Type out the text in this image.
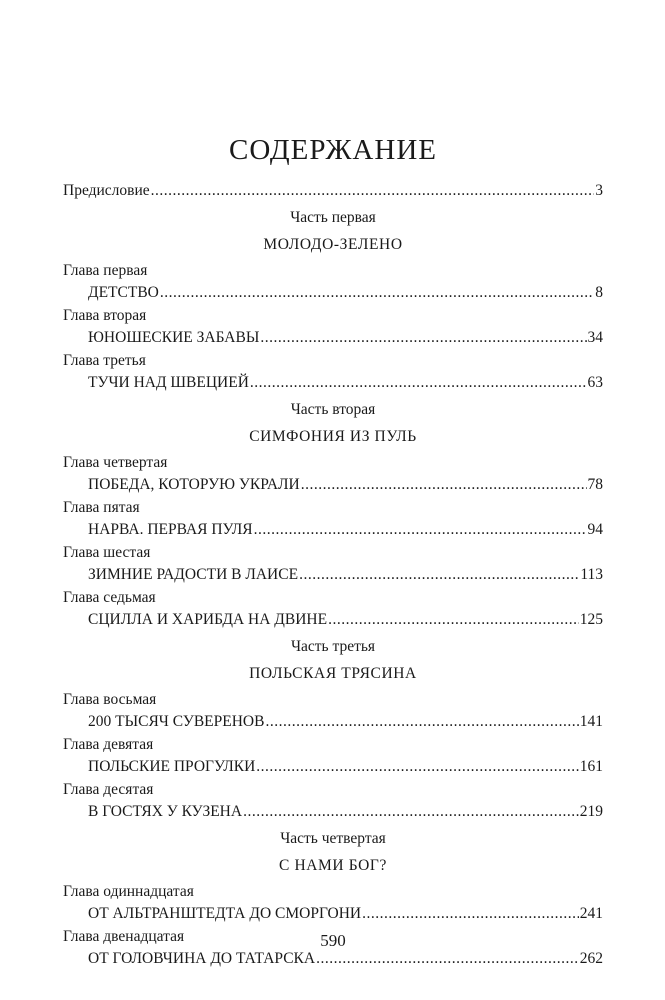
СОДЕРЖАНИЕ
Предисловие .....	3
Часть первая
МОЛОДО-ЗЕЛЕНО
Глава первая
ДЕТСТВО .....	8
Глава вторая
ЮНОШЕСКИЕ ЗАБАВЫ .....	34
Глава третья
ТУЧИ НАД ШВЕЦИЕЙ .....	63
Часть вторая
СИМФОНИЯ ИЗ ПУЛЬ
Глава четвертая
ПОБЕДА, КОТОРУЮ УКРАЛИ .....	78
Глава пятая
НАРВА. ПЕРВАЯ ПУЛЯ .....	94
Глава шестая
ЗИМНИЕ РАДОСТИ В ЛАИСЕ .....	113
Глава седьмая
СЦИЛЛА И ХАРИБДА НА ДВИНЕ .....	125
Часть третья
ПОЛЬСКАЯ ТРЯСИНА
Глава восьмая
200 ТЫСЯЧ СУВЕРЕНОВ .....	141
Глава девятая
ПОЛЬСКИЕ ПРОГУЛКИ .....	161
Глава десятая
В ГОСТЯХ У КУЗЕНА .....	219
Часть четвертая
С НАМИ БОГ?
Глава одиннадцатая
ОТ АЛЬТРАНШТЕДТА ДО СМОРГОНИ .....	241
Глава двенадцатая
ОТ ГОЛОВЧИНА ДО ТАТАРСКА .....	262
590
